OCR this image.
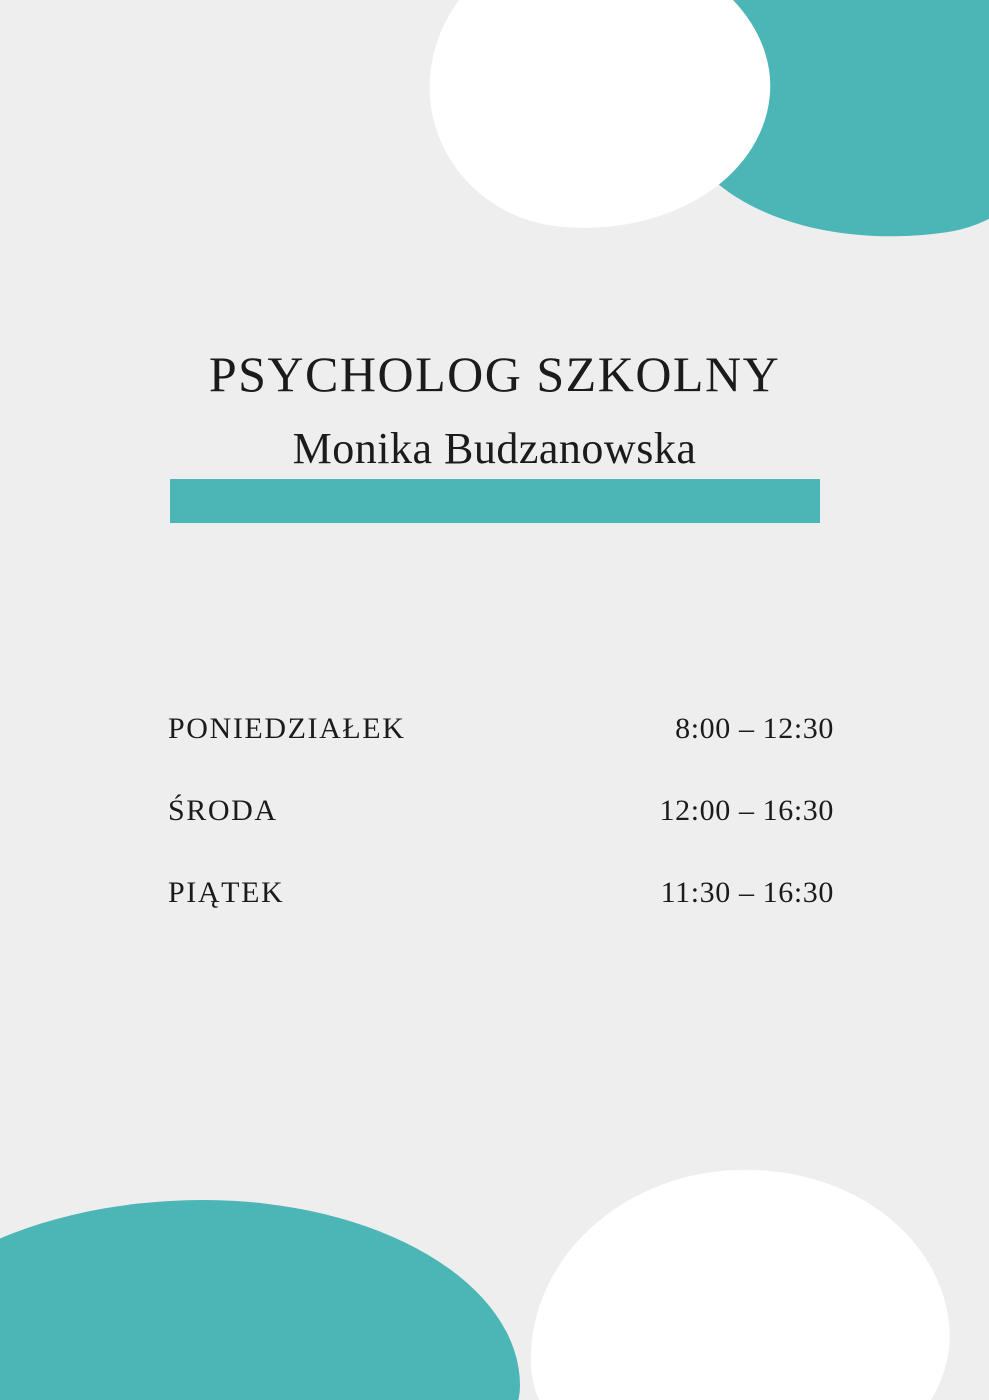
PSYCHOLOG SZKOLNY
Monika Budzanowska
PONIEDZIAŁEK	8:00 – 12:30
ŚRODA	12:00 – 16:30
PIĄTEK	11:30 – 16:30
